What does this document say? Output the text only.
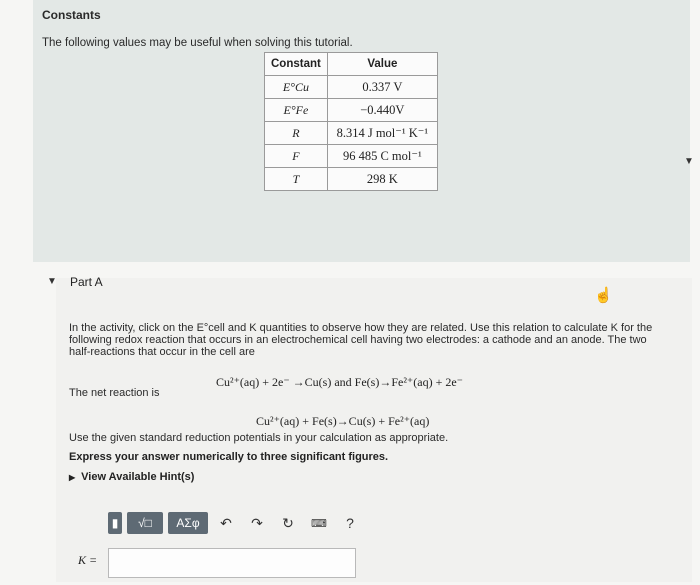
Constants
The following values may be useful when solving this tutorial.
Constant	Value
E°Cu	0.337 V
E°Fe	−0.440V
R	8.314 J mol⁻¹ K⁻¹
F	96 485 C mol⁻¹
T	298 K
▼
▼ Part A
☝
In the activity, click on the E°cell and K quantities to observe how they are related. Use this relation to calculate K for the following redox reaction that occurs in an electrochemical cell having two electrodes: a cathode and an anode. The two half-reactions that occur in the cell are
The net reaction is
Cu²⁺(aq) + 2e⁻ →Cu(s) and Fe(s)→Fe²⁺(aq) + 2e⁻
Cu²⁺(aq) + Fe(s)→Cu(s) + Fe²⁺(aq)
Use the given standard reduction potentials in your calculation as appropriate.
Express your answer numerically to three significant figures.
▶ View Available Hint(s)
▮	√□	ΑΣφ	↶	↷	↻	⌨	?
K =
